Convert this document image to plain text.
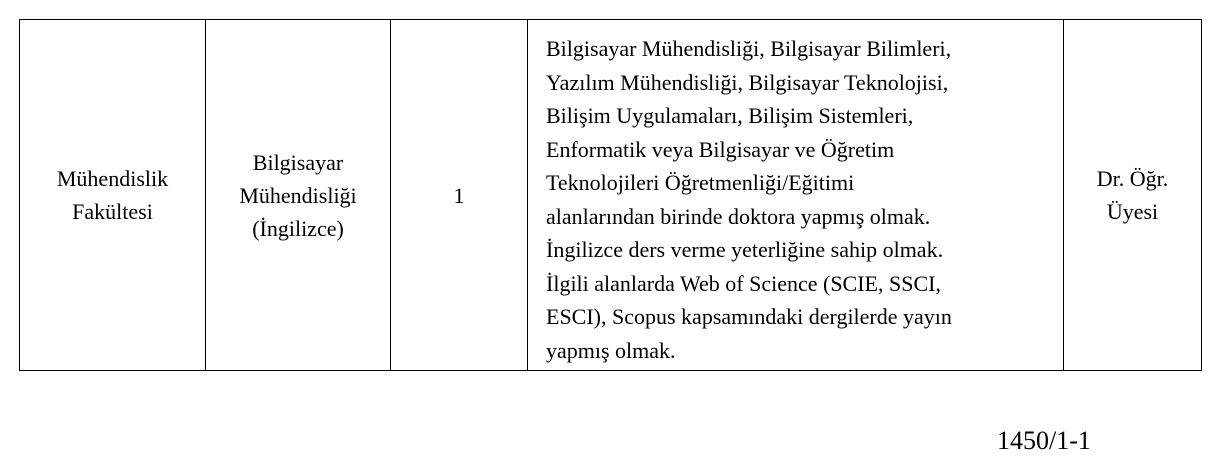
Mühendislik
Fakültesi

Bilgisayar
Mühendisliği
(İngilizce)

1

Bilgisayar Mühendisliği, Bilgisayar Bilimleri,
Yazılım Mühendisliği, Bilgisayar Teknolojisi,
Bilişim Uygulamaları, Bilişim Sistemleri,
Enformatik veya Bilgisayar ve Öğretim
Teknolojileri Öğretmenliği/Eğitimi
alanlarından birinde doktora yapmış olmak.
İngilizce ders verme yeterliğine sahip olmak.
İlgili alanlarda Web of Science (SCIE, SSCI,
ESCI), Scopus kapsamındaki dergilerde yayın
yapmış olmak.

Dr. Öğr.
Üyesi
1450/1-1
